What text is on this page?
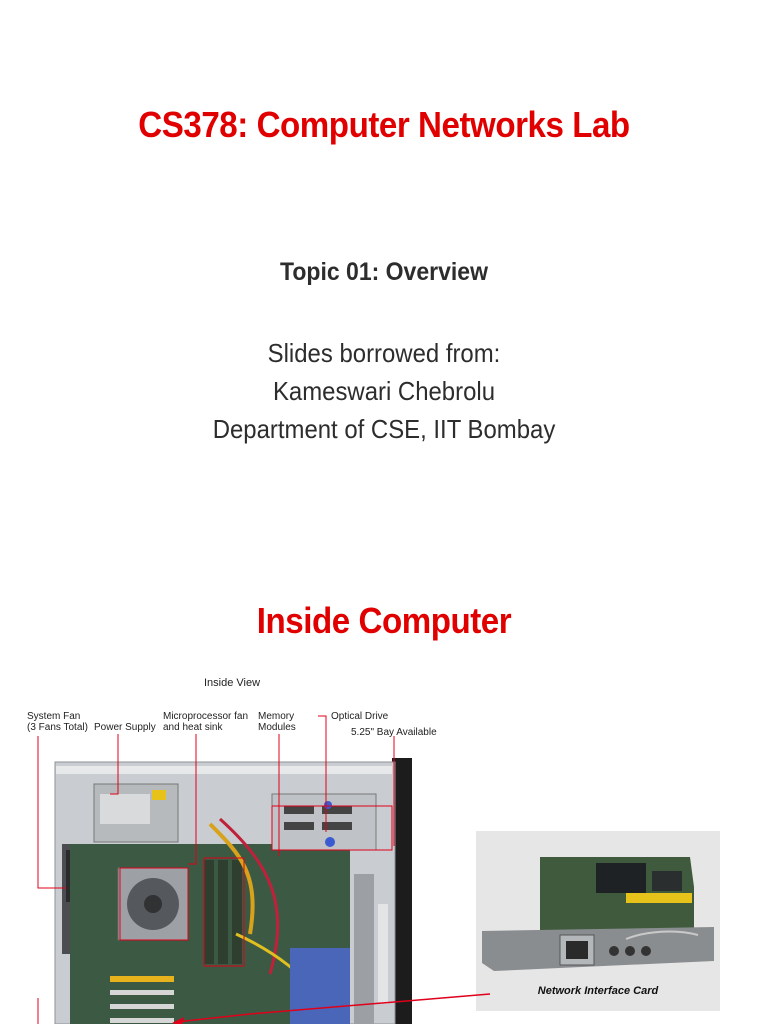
CS378: Computer Networks Lab
Topic 01: Overview
Slides borrowed from:
Kameswari Chebrolu
Department of CSE, IIT Bombay
Inside Computer
Inside View
System Fan
(3 Fans Total) Power Supply
Microprocessor fan
and heat sink
Memory
Modules
Optical Drive
5.25" Bay Available
Network Interface Card
